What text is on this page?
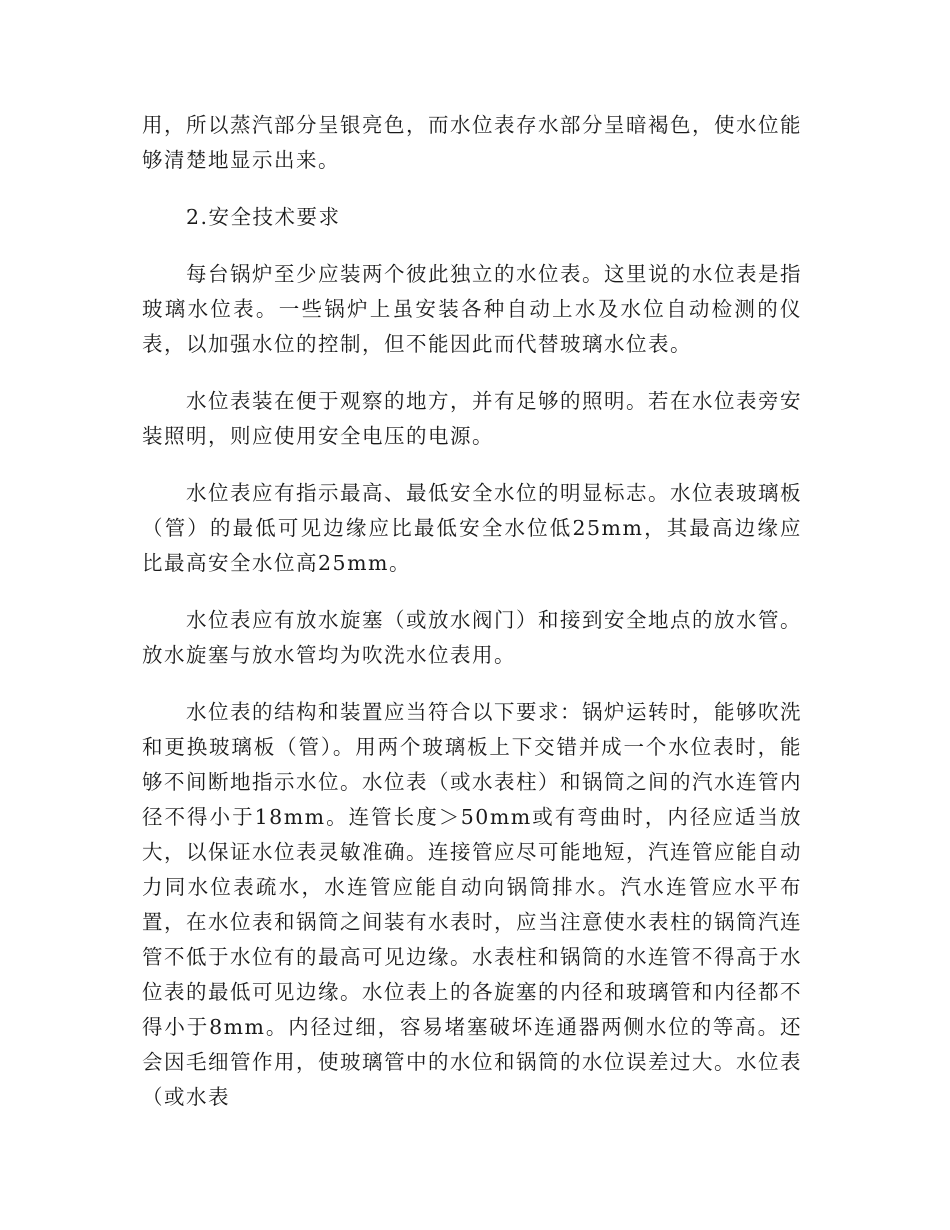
用，所以蒸汽部分呈银亮色，而水位表存水部分呈暗褐色，使水位能够清楚地显示出来。

2.安全技术要求

每台锅炉至少应装两个彼此独立的水位表。这里说的水位表是指玻璃水位表。一些锅炉上虽安装各种自动上水及水位自动检测的仪表，以加强水位的控制，但不能因此而代替玻璃水位表。

水位表装在便于观察的地方，并有足够的照明。若在水位表旁安装照明，则应使用安全电压的电源。

水位表应有指示最高、最低安全水位的明显标志。水位表玻璃板（管）的最低可见边缘应比最低安全水位低25mm，其最高边缘应比最高安全水位高25mm。

水位表应有放水旋塞（或放水阀门）和接到安全地点的放水管。放水旋塞与放水管均为吹洗水位表用。

水位表的结构和装置应当符合以下要求：锅炉运转时，能够吹洗和更换玻璃板（管）。用两个玻璃板上下交错并成一个水位表时，能够不间断地指示水位。水位表（或水表柱）和锅筒之间的汽水连管内径不得小于18mm。连管长度＞50mm或有弯曲时，内径应适当放大，以保证水位表灵敏准确。连接管应尽可能地短，汽连管应能自动力同水位表疏水，水连管应能自动向锅筒排水。汽水连管应水平布置，在水位表和锅筒之间装有水表时，应当注意使水表柱的锅筒汽连管不低于水位有的最高可见边缘。水表柱和锅筒的水连管不得高于水位表的最低可见边缘。水位表上的各旋塞的内径和玻璃管和内径都不得小于8mm。内径过细，容易堵塞破坏连通器两侧水位的等高。还会因毛细管作用，使玻璃管中的水位和锅筒的水位误差过大。水位表（或水表
